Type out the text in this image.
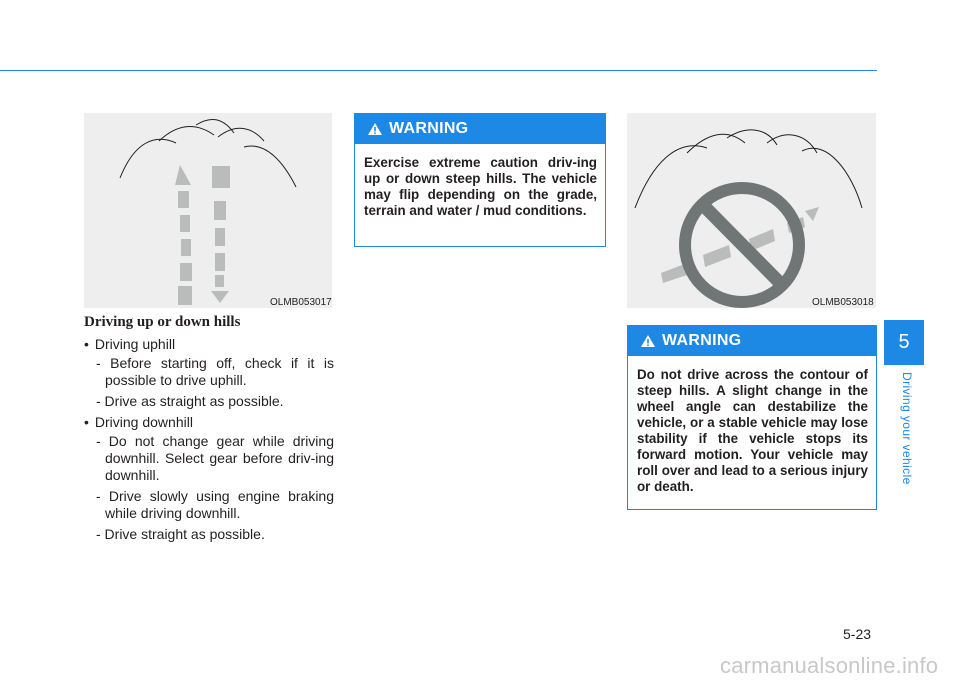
OLMB053017
Driving up or down hills
• Driving uphill
- Before starting off, check if it is possible to drive uphill.
- Drive as straight as possible.
• Driving downhill
- Do not change gear while driving downhill. Select gear before driv-ing downhill.
- Drive slowly using engine braking while driving downhill.
- Drive straight as possible.
WARNING
Exercise extreme caution driv-ing up or down steep hills. The vehicle may flip depending on the grade, terrain and water / mud conditions.
OLMB053018
WARNING
Do not drive across the contour of steep hills. A slight change in the wheel angle can destabilize the vehicle, or a stable vehicle may lose stability if the vehicle stops its forward motion. Your vehicle may roll over and lead to a serious injury or death.
5
Driving your vehicle
5-23
carmanualsonline.info
